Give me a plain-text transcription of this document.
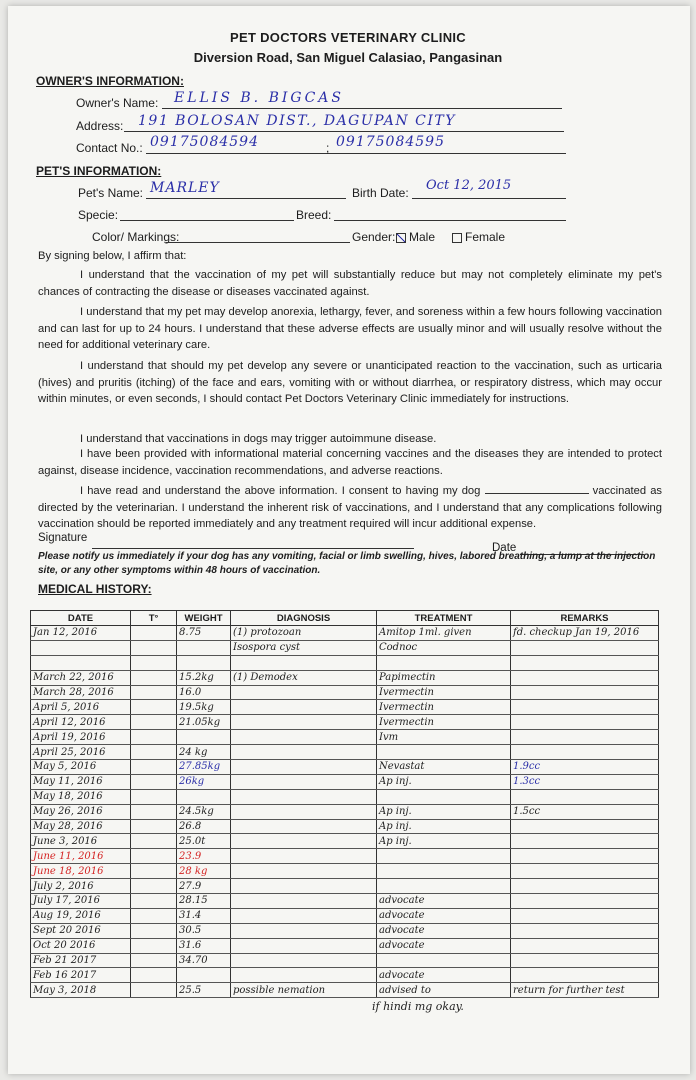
PET DOCTORS VETERINARY CLINIC
Diversion Road, San Miguel Calasiao, Pangasinan
OWNER'S INFORMATION:
Owner's Name: ELLIS B. BIGCAS
Address: 191 BOLOSAN DIST., DAGUPAN CITY
Contact No.: 09175084594	; 09175084595
PET'S INFORMATION:
Pet's Name: MARLEY	Birth Date: Oct 12, 2015
Specie:	Breed:
Color/ Markings:	Gender:	Male	Female
By signing below, I affirm that:
I understand that the vaccination of my pet will substantially reduce but may not completely eliminate my pet's chances of contracting the disease or diseases vaccinated against.
I understand that my pet may develop anorexia, lethargy, fever, and soreness within a few hours following vaccination and can last for up to 24 hours. I understand that these adverse effects are usually minor and will usually resolve without the need for additional veterinary care.
I understand that should my pet develop any severe or unanticipated reaction to the vaccination, such as urticaria (hives) and pruritis (itching) of the face and ears, vomiting with or without diarrhea, or respiratory distress, which may occur within minutes, or even seconds, I should contact Pet Doctors Veterinary Clinic immediately for instructions.
I understand that vaccinations in dogs may trigger autoimmune disease.
I have been provided with informational material concerning vaccines and the diseases they are intended to protect against, disease incidence, vaccination recommendations, and adverse reactions.
I have read and understand the above information. I consent to having my dog	vaccinated as directed by the veterinarian. I understand the inherent risk of vaccinations, and I understand that any complications following vaccination should be reported immediately and any treatment required will incur additional expense.
Signature
Date
Please notify us immediately if your dog has any vomiting, facial or limb swelling, hives, labored breathing, a lump at the injection site, or any other symptoms within 48 hours of vaccination.
MEDICAL HISTORY:
DATE	T°	WEIGHT	DIAGNOSIS	TREATMENT	REMARKS
Jan 12, 2016		8.75	(1) protozoan	Amitop 1ml. given	fd. checkup Jan 19, 2016
			Isospora cyst	Codnoc	

March 22, 2016		15.2kg	(1) Demodex	Papimectin	
March 28, 2016		16.0		Ivermectin	
April 5, 2016		19.5kg		Ivermectin	
April 12, 2016		21.05kg		Ivermectin	
April 19, 2016				Ivm	
April 25, 2016		24 kg			
May 5, 2016		27.85kg		Nevastat	1.9cc
May 11, 2016		26kg		Ap inj.	1.3cc
May 18, 2016					
May 26, 2016		24.5kg		Ap inj.	1.5cc
May 28, 2016		26.8		Ap inj.	
June 3, 2016		25.0t		Ap inj.	
June 11, 2016		23.9			
June 18, 2016		28 kg			
July 2, 2016		27.9			
July 17, 2016		28.15		advocate	
Aug 19, 2016		31.4		advocate	
Sept 20 2016		30.5		advocate	
Oct 20 2016		31.6		advocate	
Feb 21 2017		34.70			
Feb 16 2017				advocate	
May 3, 2018		25.5	possible nemation	advised to	return for further test
if hindi mg okay.
